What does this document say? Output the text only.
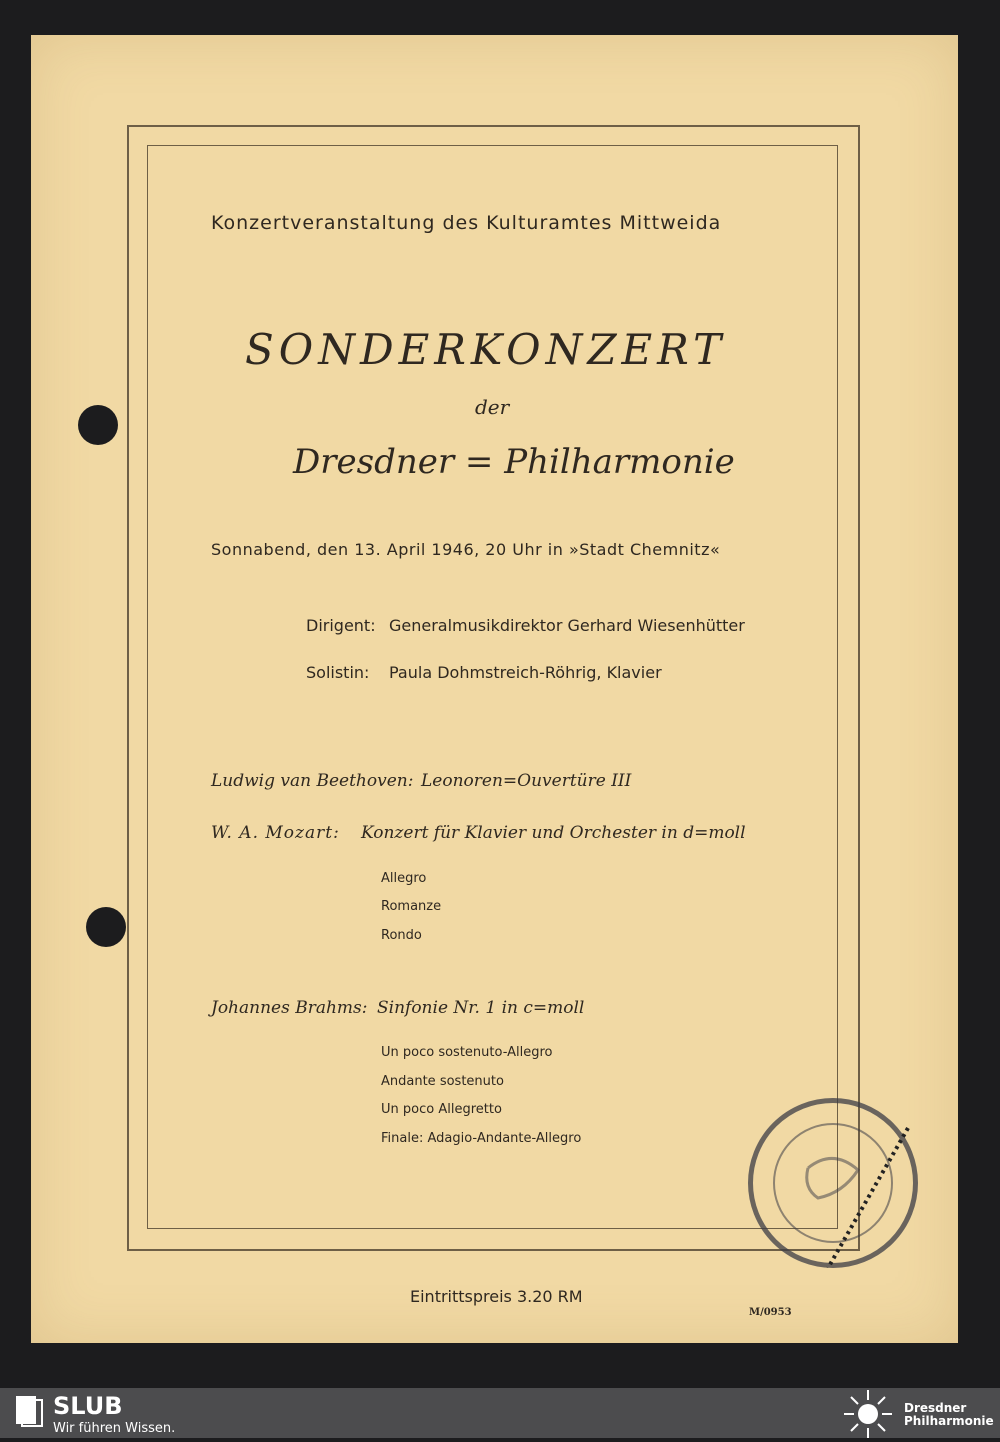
Konzertveranstaltung des Kulturamtes Mittweida
SONDERKONZERT
der
Dresdner = Philharmonie
Sonnabend, den 13. April 1946, 20 Uhr in »Stadt Chemnitz«
Dirigent: Generalmusikdirektor Gerhard Wiesenhütter
Solistin: Paula Dohmstreich-Röhrig, Klavier
Ludwig van Beethoven: Leonoren=Ouvertüre III
W. A. Mozart: Konzert für Klavier und Orchester in d=moll
Allegro
Romanze
Rondo
Johannes Brahms: Sinfonie Nr. 1 in c=moll
Un poco sostenuto-Allegro
Andante sostenuto
Un poco Allegretto
Finale: Adagio-Andante-Allegro
Eintrittspreis 3.20 RM
M/0953
SLUB
Wir führen Wissen.
Dresdner
Philharmonie
